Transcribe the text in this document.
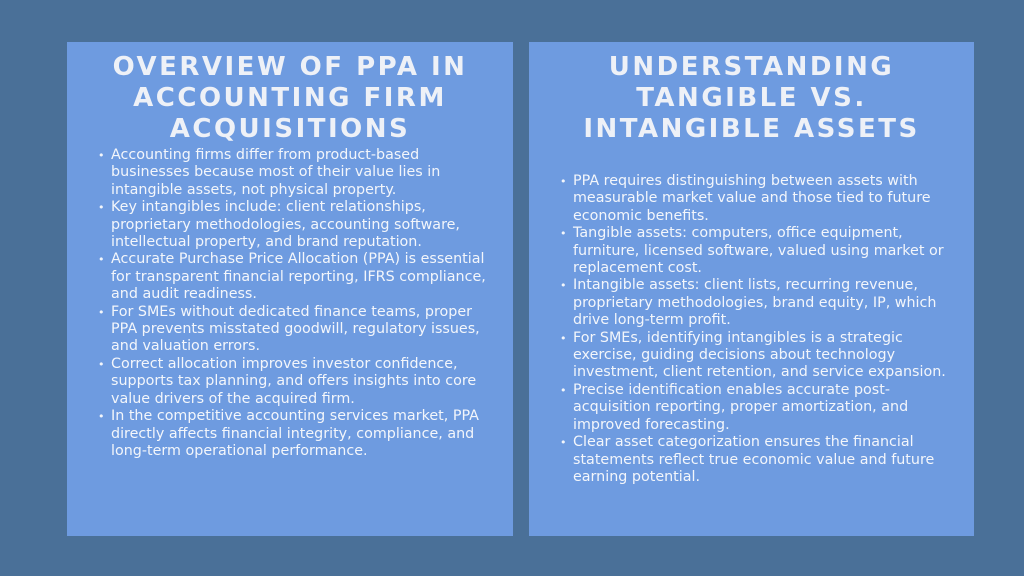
OVERVIEW OF PPA IN ACCOUNTING FIRM ACQUISITIONS
• Accounting firms differ from product-based businesses because most of their value lies in intangible assets, not physical property.
• Key intangibles include: client relationships, proprietary methodologies, accounting software, intellectual property, and brand reputation.
• Accurate Purchase Price Allocation (PPA) is essential for transparent financial reporting, IFRS compliance, and audit readiness.
• For SMEs without dedicated finance teams, proper PPA prevents misstated goodwill, regulatory issues, and valuation errors.
• Correct allocation improves investor confidence, supports tax planning, and offers insights into core value drivers of the acquired firm.
• In the competitive accounting services market, PPA directly affects financial integrity, compliance, and long-term operational performance.
UNDERSTANDING TANGIBLE VS. INTANGIBLE ASSETS
• PPA requires distinguishing between assets with measurable market value and those tied to future economic benefits.
• Tangible assets: computers, office equipment, furniture, licensed software, valued using market or replacement cost.
• Intangible assets: client lists, recurring revenue, proprietary methodologies, brand equity, IP, which drive long-term profit.
• For SMEs, identifying intangibles is a strategic exercise, guiding decisions about technology investment, client retention, and service expansion.
• Precise identification enables accurate post-acquisition reporting, proper amortization, and improved forecasting.
• Clear asset categorization ensures the financial statements reflect true economic value and future earning potential.
